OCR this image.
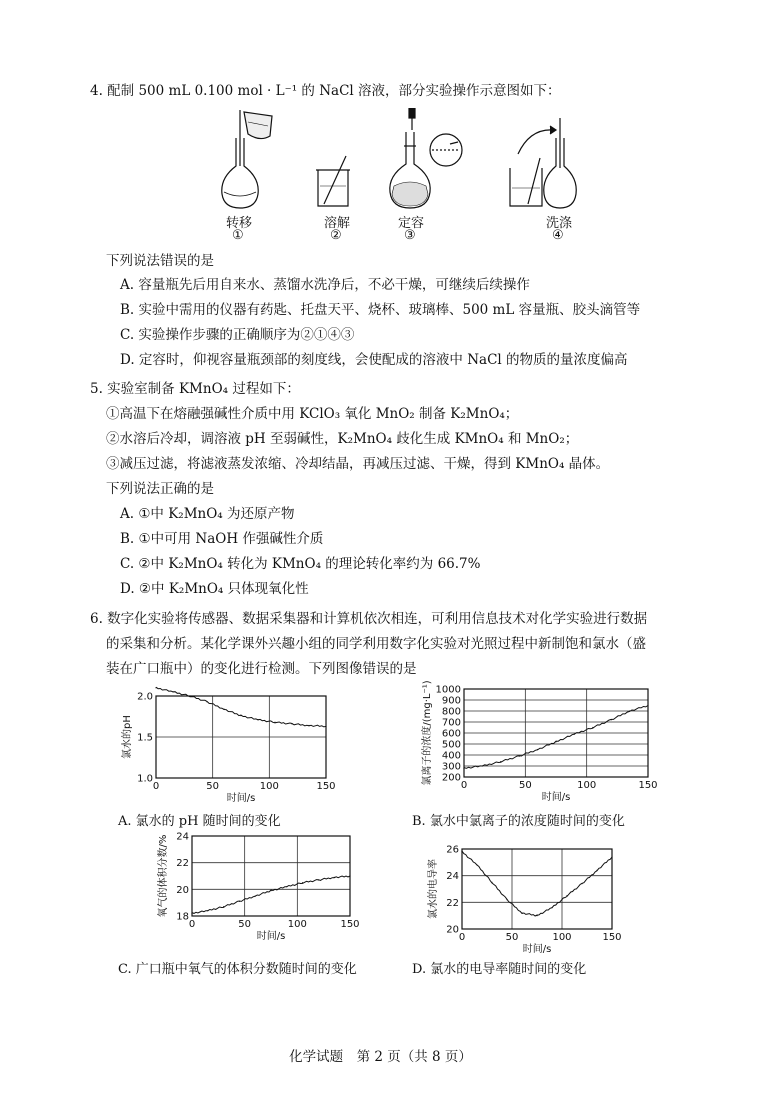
4. 配制 500 mL 0.100 mol · L⁻¹ 的 NaCl 溶液，部分实验操作示意图如下：
转移
①
溶解
②
定容
③
洗涤
④
下列说法错误的是
A. 容量瓶先后用自来水、蒸馏水洗净后，不必干燥，可继续后续操作
B. 实验中需用的仪器有药匙、托盘天平、烧杯、玻璃棒、500 mL 容量瓶、胶头滴管等
C. 实验操作步骤的正确顺序为②①④③
D. 定容时，仰视容量瓶颈部的刻度线，会使配成的溶液中 NaCl 的物质的量浓度偏高
5. 实验室制备 KMnO₄ 过程如下：
①高温下在熔融强碱性介质中用 KClO₃ 氧化 MnO₂ 制备 K₂MnO₄；
②水溶后冷却，调溶液 pH 至弱碱性，K₂MnO₄ 歧化生成 KMnO₄ 和 MnO₂；
③减压过滤，将滤液蒸发浓缩、冷却结晶，再减压过滤、干燥，得到 KMnO₄ 晶体。
下列说法正确的是
A. ①中 K₂MnO₄ 为还原产物
B. ①中可用 NaOH 作强碱性介质
C. ②中 K₂MnO₄ 转化为 KMnO₄ 的理论转化率约为 66.7%
D. ②中 K₂MnO₄ 只体现氧化性
6. 数字化实验将传感器、数据采集器和计算机依次相连，可利用信息技术对化学实验进行数据
的采集和分析。某化学课外兴趣小组的同学利用数字化实验对光照过程中新制饱和氯水（盛
装在广口瓶中）的变化进行检测。下列图像错误的是
0	50	100	150
1.0
1.5
2.0
时间/s
氯水的pH
0	50	100	150
200
300
400
500
600
700
800
900
1000
时间/s
氯离子的浓度/(mg·L⁻¹)
0	50	100	150
18
20
22
24
时间/s
氧气的体积分数/%
0	50	100	150
20
22
24
26
时间/s
氯水的电导率
A. 氯水的 pH 随时间的变化	B. 氯水中氯离子的浓度随时间的变化
C. 广口瓶中氧气的体积分数随时间的变化	D. 氯水的电导率随时间的变化
化学试题　第 2 页（共 8 页）
